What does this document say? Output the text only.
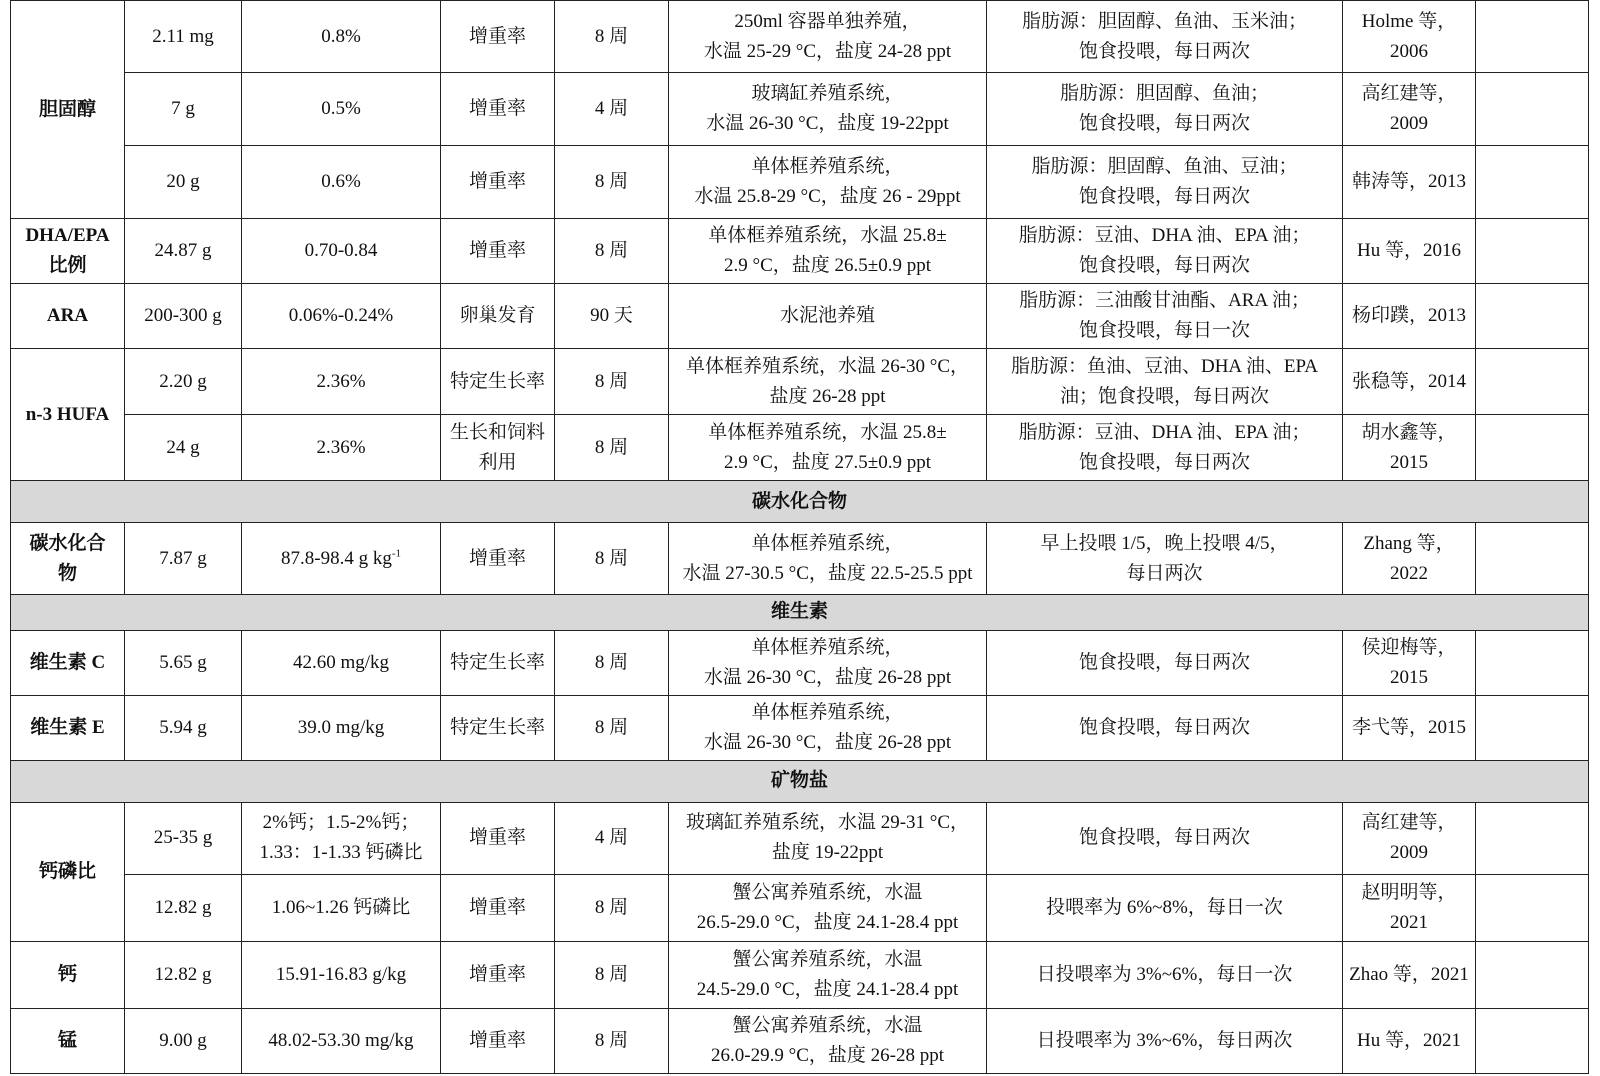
胆固醇	2.11 mg	0.8%	增重率	8 周	250ml 容器单独养殖，
水温 25-29 °C，盐度 24-28 ppt	脂肪源：胆固醇、鱼油、玉米油；
饱食投喂，每日两次	Holme 等，
2006	

	7 g	0.5%	增重率	4 周	玻璃缸养殖系统，
水温 26-30 °C，盐度 19-22ppt	脂肪源：胆固醇、鱼油；
饱食投喂，每日两次	高红建等，
2009	

	20 g	0.6%	增重率	8 周	单体框养殖系统，
水温 25.8-29 °C，盐度 26 - 29ppt	脂肪源：胆固醇、鱼油、豆油；
饱食投喂，每日两次	韩涛等，2013	

DHA/EPA
比例	24.87 g	0.70-0.84	增重率	8 周	单体框养殖系统，水温 25.8±
2.9 °C，盐度 26.5±0.9 ppt	脂肪源：豆油、DHA 油、EPA 油；
饱食投喂，每日两次	Hu 等，2016	

ARA	200-300 g	0.06%-0.24%	卵巢发育	90 天	水泥池养殖	脂肪源：三油酸甘油酯、ARA 油；
饱食投喂，每日一次	杨印蹼，2013	

n-3 HUFA	2.20 g	2.36%	特定生长率	8 周	单体框养殖系统，水温 26-30 °C，
盐度 26-28 ppt	脂肪源：鱼油、豆油、DHA 油、EPA
油；饱食投喂，每日两次	张稳等，2014	

	24 g	2.36%	生长和饲料
利用	8 周	单体框养殖系统，水温 25.8±
2.9 °C，盐度 27.5±0.9 ppt	脂肪源：豆油、DHA 油、EPA 油；
饱食投喂，每日两次	胡水鑫等，
2015	

碳水化合物								

碳水化合
物	7.87 g	87.8-98.4 g $kg^{-1}$	增重率	8 周	单体框养殖系统，
水温 27-30.5 °C，盐度 22.5-25.5 ppt	早上投喂 1/5，晚上投喂 4/5，
每日两次	Zhang 等，
2022	

维生素								
维生素 C	5.65 g	42.60 mg/kg	特定生长率	8 周	单体框养殖系统，
水温 26-30 °C，盐度 26-28 ppt	饱食投喂，每日两次	侯迎梅等，
2015	

维生素 E	5.94 g	39.0 mg/kg	特定生长率	8 周	单体框养殖系统，
水温 26-30 °C，盐度 26-28 ppt	饱食投喂，每日两次	李弋等，2015	

矿物盐								
钙磷比	25-35 g	2%钙；1.5-2%钙；
1.33：1-1.33 钙磷比	增重率	4 周	玻璃缸养殖系统，水温 29-31 °C，
盐度 19-22ppt	饱食投喂，每日两次	高红建等，
2009	

	12.82 g	1.06~1.26 钙磷比	增重率	8 周	蟹公寓养殖系统，水温
26.5-29.0 °C，盐度 24.1-28.4 ppt	投喂率为 6%~8%，每日一次	赵明明等，
2021	

钙	12.82 g	15.91-16.83 g/kg	增重率	8 周	蟹公寓养殖系统，水温
24.5-29.0 °C，盐度 24.1-28.4 ppt	日投喂率为 3%~6%，每日一次	Zhao 等，2021	

锰	9.00 g	48.02-53.30 mg/kg	增重率	8 周	蟹公寓养殖系统，水温
26.0-29.9 °C，盐度 26-28 ppt	日投喂率为 3%~6%，每日两次	Hu 等，2021	
